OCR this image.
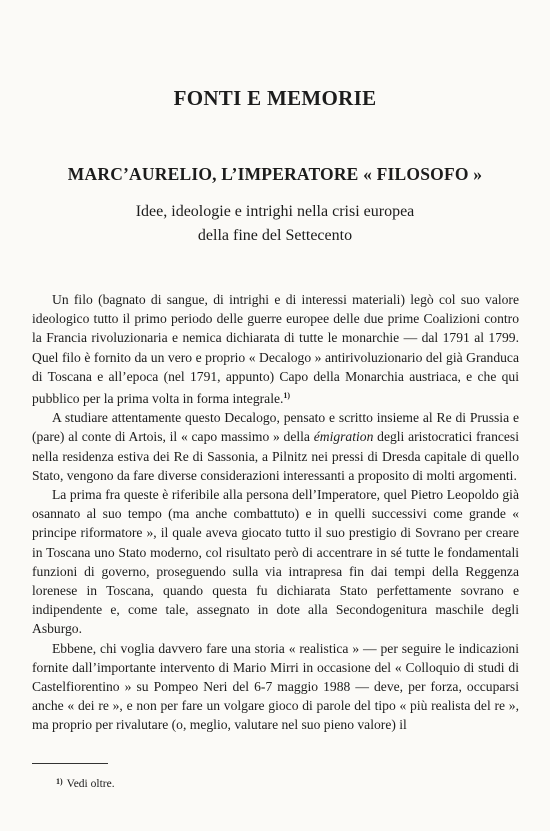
FONTI E MEMORIE
MARC’AURELIO, L’IMPERATORE « FILOSOFO »
Idee, ideologie e intrighi nella crisi europea
della fine del Settecento

Un filo (bagnato di sangue, di intrighi e di interessi materiali) legò col suo valore ideologico tutto il primo periodo delle guerre europee delle due prime Coalizioni contro la Francia rivoluzionaria e nemica dichiarata di tutte le monarchie — dal 1791 al 1799. Quel filo è fornito da un vero e proprio « Decalogo » antirivoluzionario del già Granduca di Toscana e all’epoca (nel 1791, appunto) Capo della Monarchia austriaca, e che qui pubblico per la prima volta in forma integrale.$^{1)}$

A studiare attentamente questo Decalogo, pensato e scritto insieme al Re di Prussia e (pare) al conte di Artois, il « capo massimo » della émigration degli aristocratici francesi nella residenza estiva dei Re di Sassonia, a Pilnitz nei pressi di Dresda capitale di quello Stato, vengono da fare diverse considerazioni interessanti a proposito di molti argomenti.

La prima fra queste è riferibile alla persona dell’Imperatore, quel Pietro Leopoldo già osannato al suo tempo (ma anche combattuto) e in quelli successivi come grande « principe riformatore », il quale aveva giocato tutto il suo prestigio di Sovrano per creare in Toscana uno Stato moderno, col risultato però di accentrare in sé tutte le fondamentali funzioni di governo, proseguendo sulla via intrapresa fin dai tempi della Reggenza lorenese in Toscana, quando questa fu dichiarata Stato perfettamente sovrano e indipendente e, come tale, assegnato in dote alla Secondogenitura maschile degli Asburgo.

Ebbene, chi voglia davvero fare una storia « realistica » — per seguire le indicazioni fornite dall’importante intervento di Mario Mirri in occasione del « Colloquio di studi di Castelfiorentino » su Pompeo Neri del 6-7 maggio 1988 — deve, per forza, occuparsi anche « dei re », e non per fare un volgare gioco di parole del tipo « più realista del re », ma proprio per rivalutare (o, meglio, valutare nel suo pieno valore) il

$^{1)}$ Vedi oltre.
